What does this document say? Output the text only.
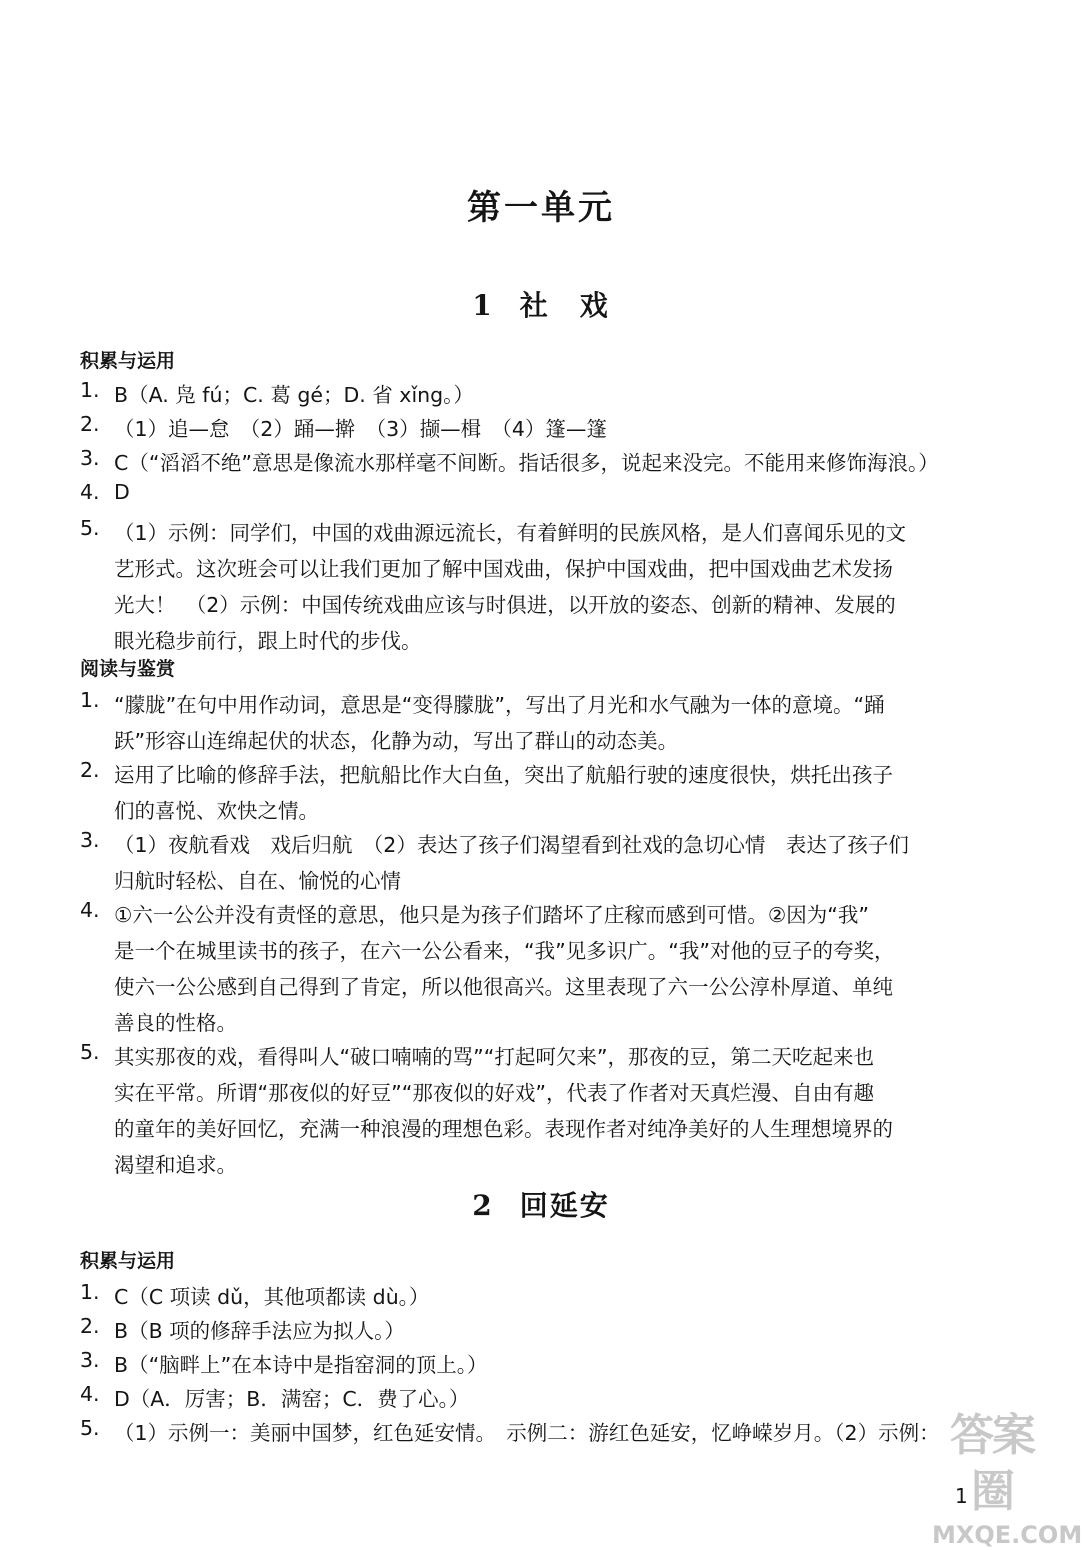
第一单元
1 社　戏
积累与运用
1. B（A. 凫 fú；C. 葛 gé；D. 省 xǐng。）
2. （1）追—怠　（2）踊—擀　（3）撷—楫　（4）篷—篷
3. C（“滔滔不绝”意思是像流水那样毫不间断。指话很多，说起来没完。不能用来修饰海浪。）
4. D
5. （1）示例：同学们，中国的戏曲源远流长，有着鲜明的民族风格，是人们喜闻乐见的文
艺形式。这次班会可以让我们更加了解中国戏曲，保护中国戏曲，把中国戏曲艺术发扬
光大！　（2）示例：中国传统戏曲应该与时俱进，以开放的姿态、创新的精神、发展的
眼光稳步前行，跟上时代的步伐。
阅读与鉴赏
1. “朦胧”在句中用作动词，意思是“变得朦胧”，写出了月光和水气融为一体的意境。“踊
跃”形容山连绵起伏的状态，化静为动，写出了群山的动态美。
2. 运用了比喻的修辞手法，把航船比作大白鱼，突出了航船行驶的速度很快，烘托出孩子
们的喜悦、欢快之情。
3. （1）夜航看戏　戏后归航　（2）表达了孩子们渴望看到社戏的急切心情　表达了孩子们
归航时轻松、自在、愉悦的心情
4. ①六一公公并没有责怪的意思，他只是为孩子们踏坏了庄稼而感到可惜。②因为“我”
是一个在城里读书的孩子，在六一公公看来，“我”见多识广。“我”对他的豆子的夸奖，
使六一公公感到自己得到了肯定，所以他很高兴。这里表现了六一公公淳朴厚道、单纯
善良的性格。
5. 其实那夜的戏，看得叫人“破口喃喃的骂”“打起呵欠来”，那夜的豆，第二天吃起来也
实在平常。所谓“那夜似的好豆”“那夜似的好戏”，代表了作者对天真烂漫、自由有趣
的童年的美好回忆，充满一种浪漫的理想色彩。表现作者对纯净美好的人生理想境界的
渴望和追求。
2 回延安
积累与运用
1. C（C 项读 dǔ，其他项都读 dù。）
2. B（B 项的修辞手法应为拟人。）
3. B（“脑畔上”在本诗中是指窑洞的顶上。）
4. D（A．厉害；B．满窑；C．费了心。）
5. （1）示例一：美丽中国梦，红色延安情。　示例二：游红色延安，忆峥嵘岁月。（2）示例： 答案圈
MXQE.COM
1
